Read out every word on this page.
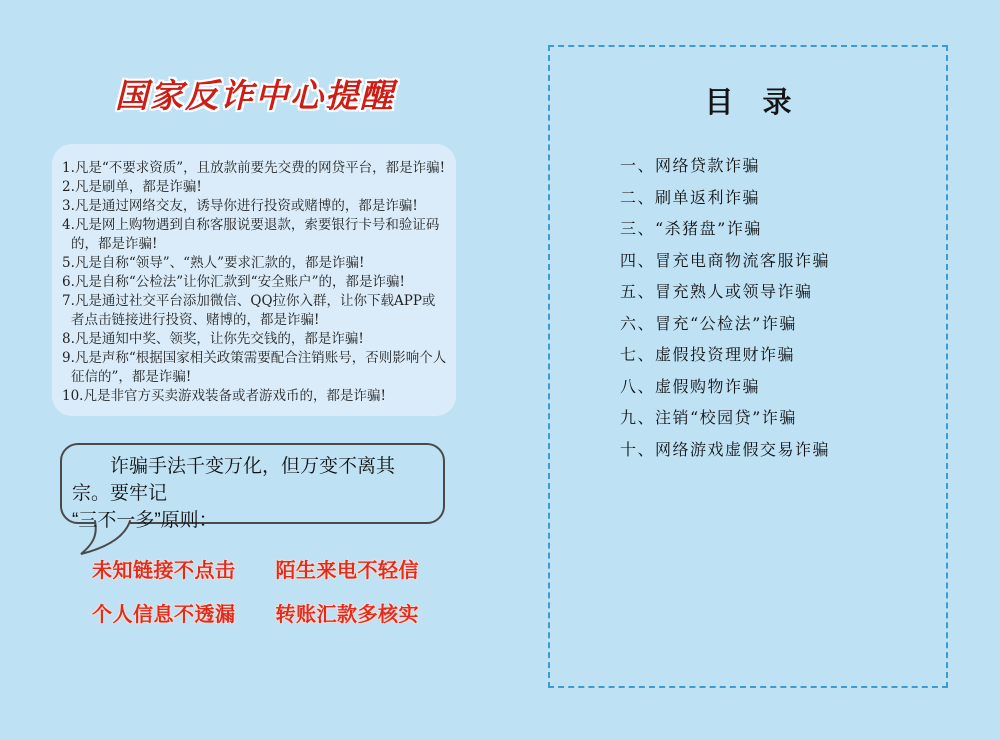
国家反诈中心提醒
1.凡是“不要求资质”，且放款前要先交费的网贷平台，都是诈骗!
2.凡是刷单，都是诈骗!
3.凡是通过网络交友，诱导你进行投资或赌博的，都是诈骗!
4.凡是网上购物遇到自称客服说要退款，索要银行卡号和验证码的，都是诈骗!
5.凡是自称“领导”、“熟人”要求汇款的，都是诈骗!
6.凡是自称“公检法”让你汇款到“安全账户”的，都是诈骗!
7.凡是通过社交平台添加微信、QQ拉你入群，让你下载APP或者点击链接进行投资、赌博的，都是诈骗!
8.凡是通知中奖、领奖，让你先交钱的，都是诈骗!
9.凡是声称“根据国家相关政策需要配合注销账号，否则影响个人征信的”，都是诈骗!
10.凡是非官方买卖游戏装备或者游戏币的，都是诈骗!
诈骗手法千变万化，但万变不离其宗。要牢记
“三不一多”原则：
未知链接不点击 陌生来电不轻信
个人信息不透漏 转账汇款多核实
目　录
一、网络贷款诈骗
二、刷单返利诈骗
三、“杀猪盘”诈骗
四、冒充电商物流客服诈骗
五、冒充熟人或领导诈骗
六、冒充“公检法”诈骗
七、虚假投资理财诈骗
八、虚假购物诈骗
九、注销“校园贷”诈骗
十、网络游戏虚假交易诈骗
